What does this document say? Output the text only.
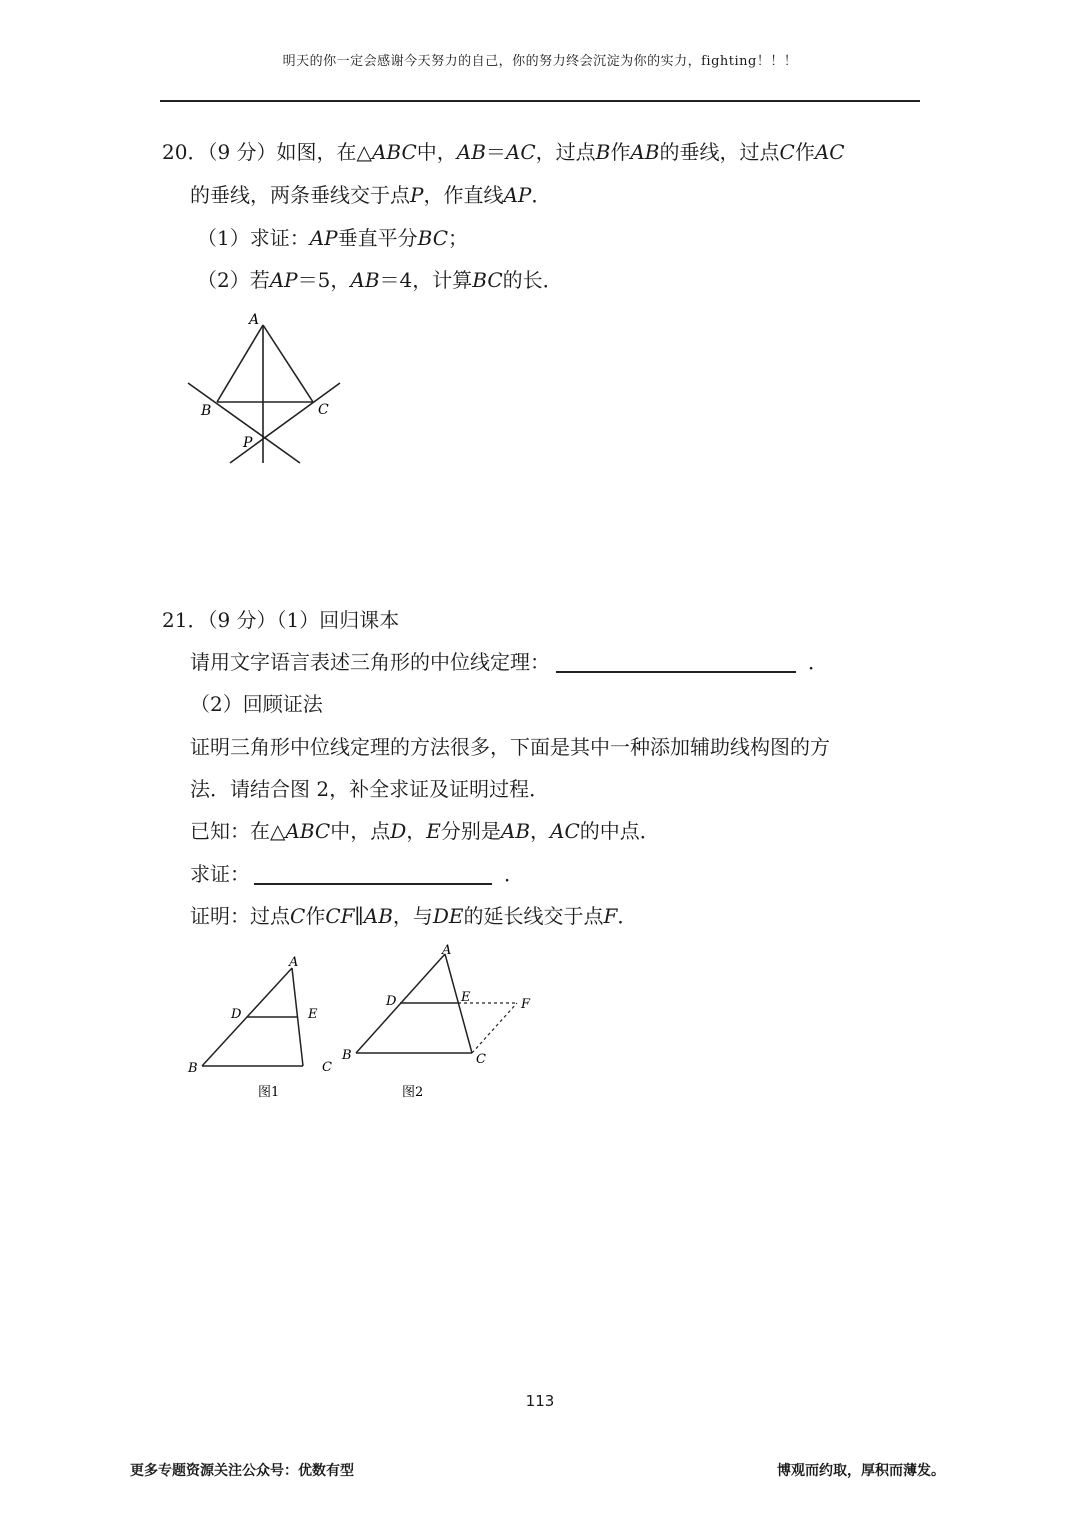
明天的你一定会感谢今天努力的自己，你的努力终会沉淀为你的实力，fighting！！！
20．（9 分）如图，在△ABC中，AB＝AC，过点B作AB的垂线，过点C作AC
的垂线，两条垂线交于点P，作直线AP．
（1）求证：AP垂直平分BC；
（2）若AP＝5，AB＝4，计算BC的长．
A
B	C
P
21．（9 分）（1）回归课本
请用文字语言表述三角形的中位线定理：	．
（2）回顾证法
证明三角形中位线定理的方法很多，下面是其中一种添加辅助线构图的方
法．请结合图 2，补全求证及证明过程．
已知：在△ABC中，点D，E分别是AB，AC的中点．
求证：	．
证明：过点C作CF∥AB，与DE的延长线交于点F．
A
B	C
D	E
图1
A
B	C
D	E	F
图2
113
更多专题资源关注公众号：优数有型	博观而约取，厚积而薄发。
